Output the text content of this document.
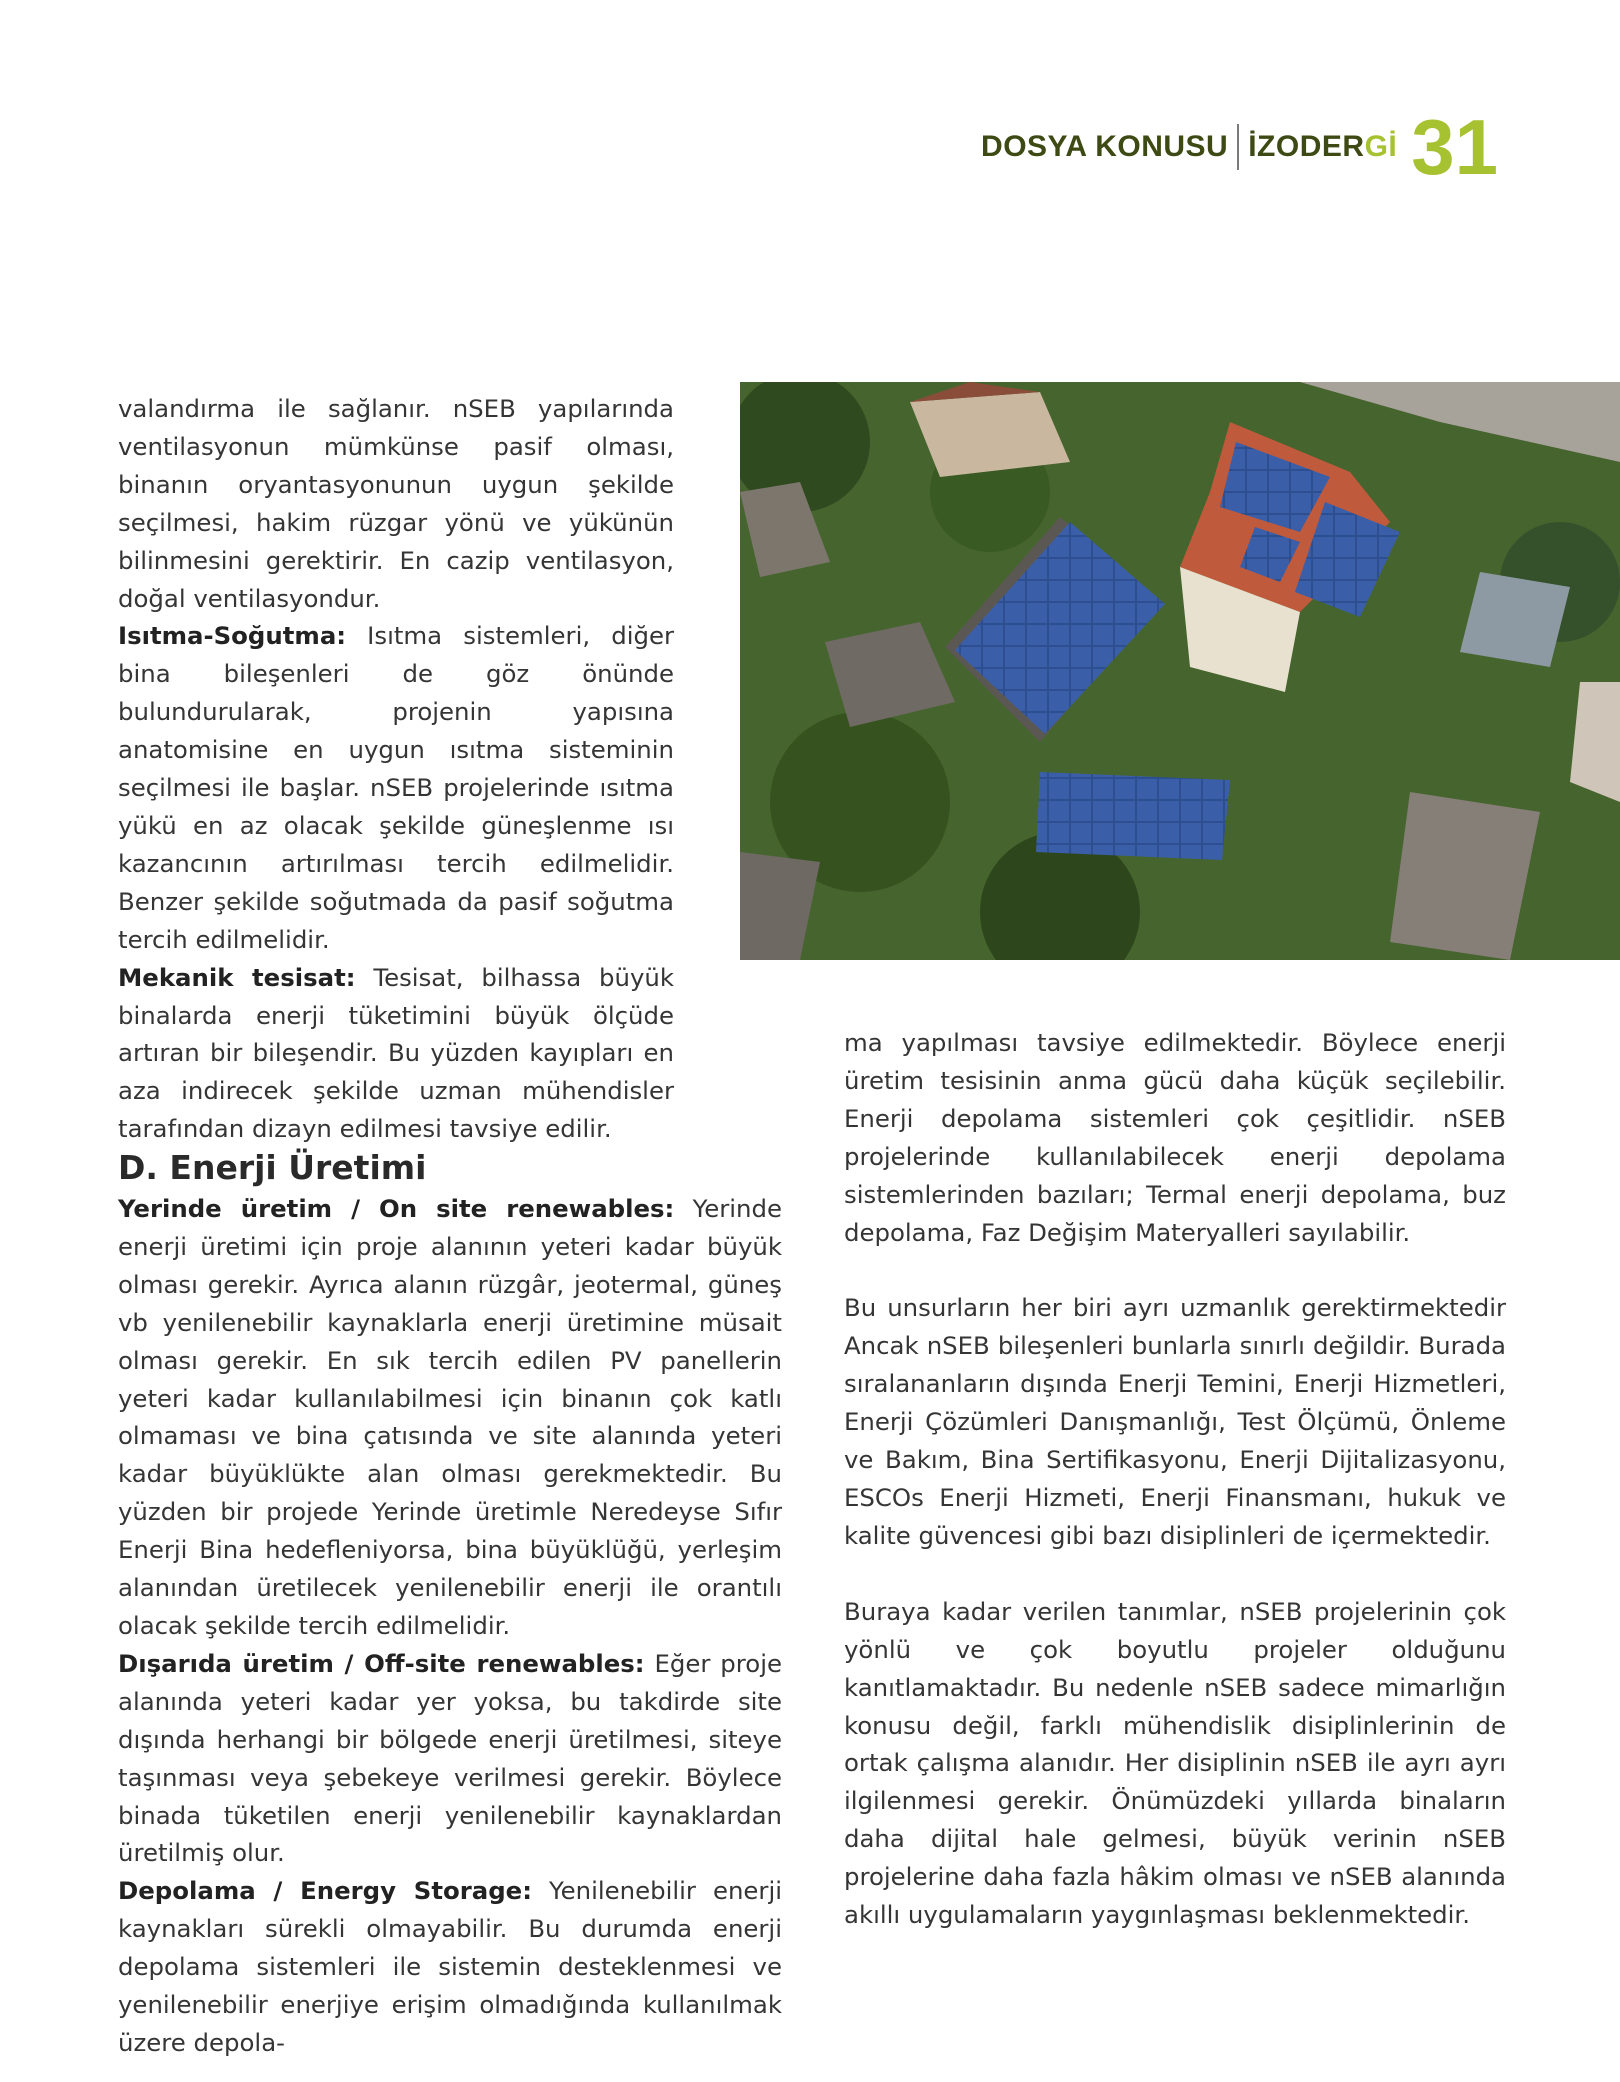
DOSYA KONUSU İZODERGİ 31

valandırma ile sağlanır. nSEB yapılarında ventilasyonun mümkünse pasif olması, binanın oryantasyonunun uygun şekilde seçilmesi, hakim rüzgar yönü ve yükünün bilinmesini gerektirir. En cazip ventilasyon, doğal ventilasyondur.

Isıtma-Soğutma: Isıtma sistemleri, diğer bina bileşenleri de göz önünde bulundurularak, projenin yapısına anatomisine en uygun ısıtma sisteminin seçilmesi ile başlar. nSEB projelerinde ısıtma yükü en az olacak şekilde güneşlenme ısı kazancının artırılması tercih edilmelidir. Benzer şekilde soğutmada da pasif soğutma tercih edilmelidir.

Mekanik tesisat: Tesisat, bilhassa büyük binalarda enerji tüketimini büyük ölçüde artıran bir bileşendir. Bu yüzden kayıpları en aza indirecek şekilde uzman mühendisler tarafından dizayn edilmesi tavsiye edilir.

D. Enerji Üretimi

Yerinde üretim / On site renewables: Yerinde enerji üretimi için proje alanının yeteri kadar büyük olması gerekir. Ayrıca alanın rüzgâr, jeotermal, güneş vb yenilenebilir kaynaklarla enerji üretimine müsait olması gerekir. En sık tercih edilen PV panellerin yeteri kadar kullanılabilmesi için binanın çok katlı olmaması ve bina çatısında ve site alanında yeteri kadar büyüklükte alan olması gerekmektedir. Bu yüzden bir projede Yerinde üretimle Neredeyse Sıfır Enerji Bina hedefleniyorsa, bina büyüklüğü, yerleşim alanından üretilecek yenilenebilir enerji ile orantılı olacak şekilde tercih edilmelidir.

Dışarıda üretim / Off-site renewables: Eğer proje alanında yeteri kadar yer yoksa, bu takdirde site dışında herhangi bir bölgede enerji üretilmesi, siteye taşınması veya şebekeye verilmesi gerekir. Böylece binada tüketilen enerji yenilenebilir kaynaklardan üretilmiş olur.

Depolama / Energy Storage: Yenilenebilir enerji kaynakları sürekli olmayabilir. Bu durumda enerji depolama sistemleri ile sistemin desteklenmesi ve yenilenebilir enerjiye erişim olmadığında kullanılmak üzere depola-

ma yapılması tavsiye edilmektedir. Böylece enerji üretim tesisinin anma gücü daha küçük seçilebilir. Enerji depolama sistemleri çok çeşitlidir. nSEB projelerinde kullanılabilecek enerji depolama sistemlerinden bazıları; Termal enerji depolama, buz depolama, Faz Değişim Materyalleri sayılabilir.

Bu unsurların her biri ayrı uzmanlık gerektirmektedir Ancak nSEB bileşenleri bunlarla sınırlı değildir. Burada sıralananların dışında Enerji Temini, Enerji Hizmetleri, Enerji Çözümleri Danışmanlığı, Test Ölçümü, Önleme ve Bakım, Bina Sertifikasyonu, Enerji Dijitalizasyonu, ESCOs Enerji Hizmeti, Enerji Finansmanı, hukuk ve kalite güvencesi gibi bazı disiplinleri de içermektedir.

Buraya kadar verilen tanımlar, nSEB projelerinin çok yönlü ve çok boyutlu projeler olduğunu kanıtlamaktadır. Bu nedenle nSEB sadece mimarlığın konusu değil, farklı mühendislik disiplinlerinin de ortak çalışma alanıdır. Her disiplinin nSEB ile ayrı ayrı ilgilenmesi gerekir. Önümüzdeki yıllarda binaların daha dijital hale gelmesi, büyük verinin nSEB projelerine daha fazla hâkim olması ve nSEB alanında akıllı uygulamaların yaygınlaşması beklenmektedir.
